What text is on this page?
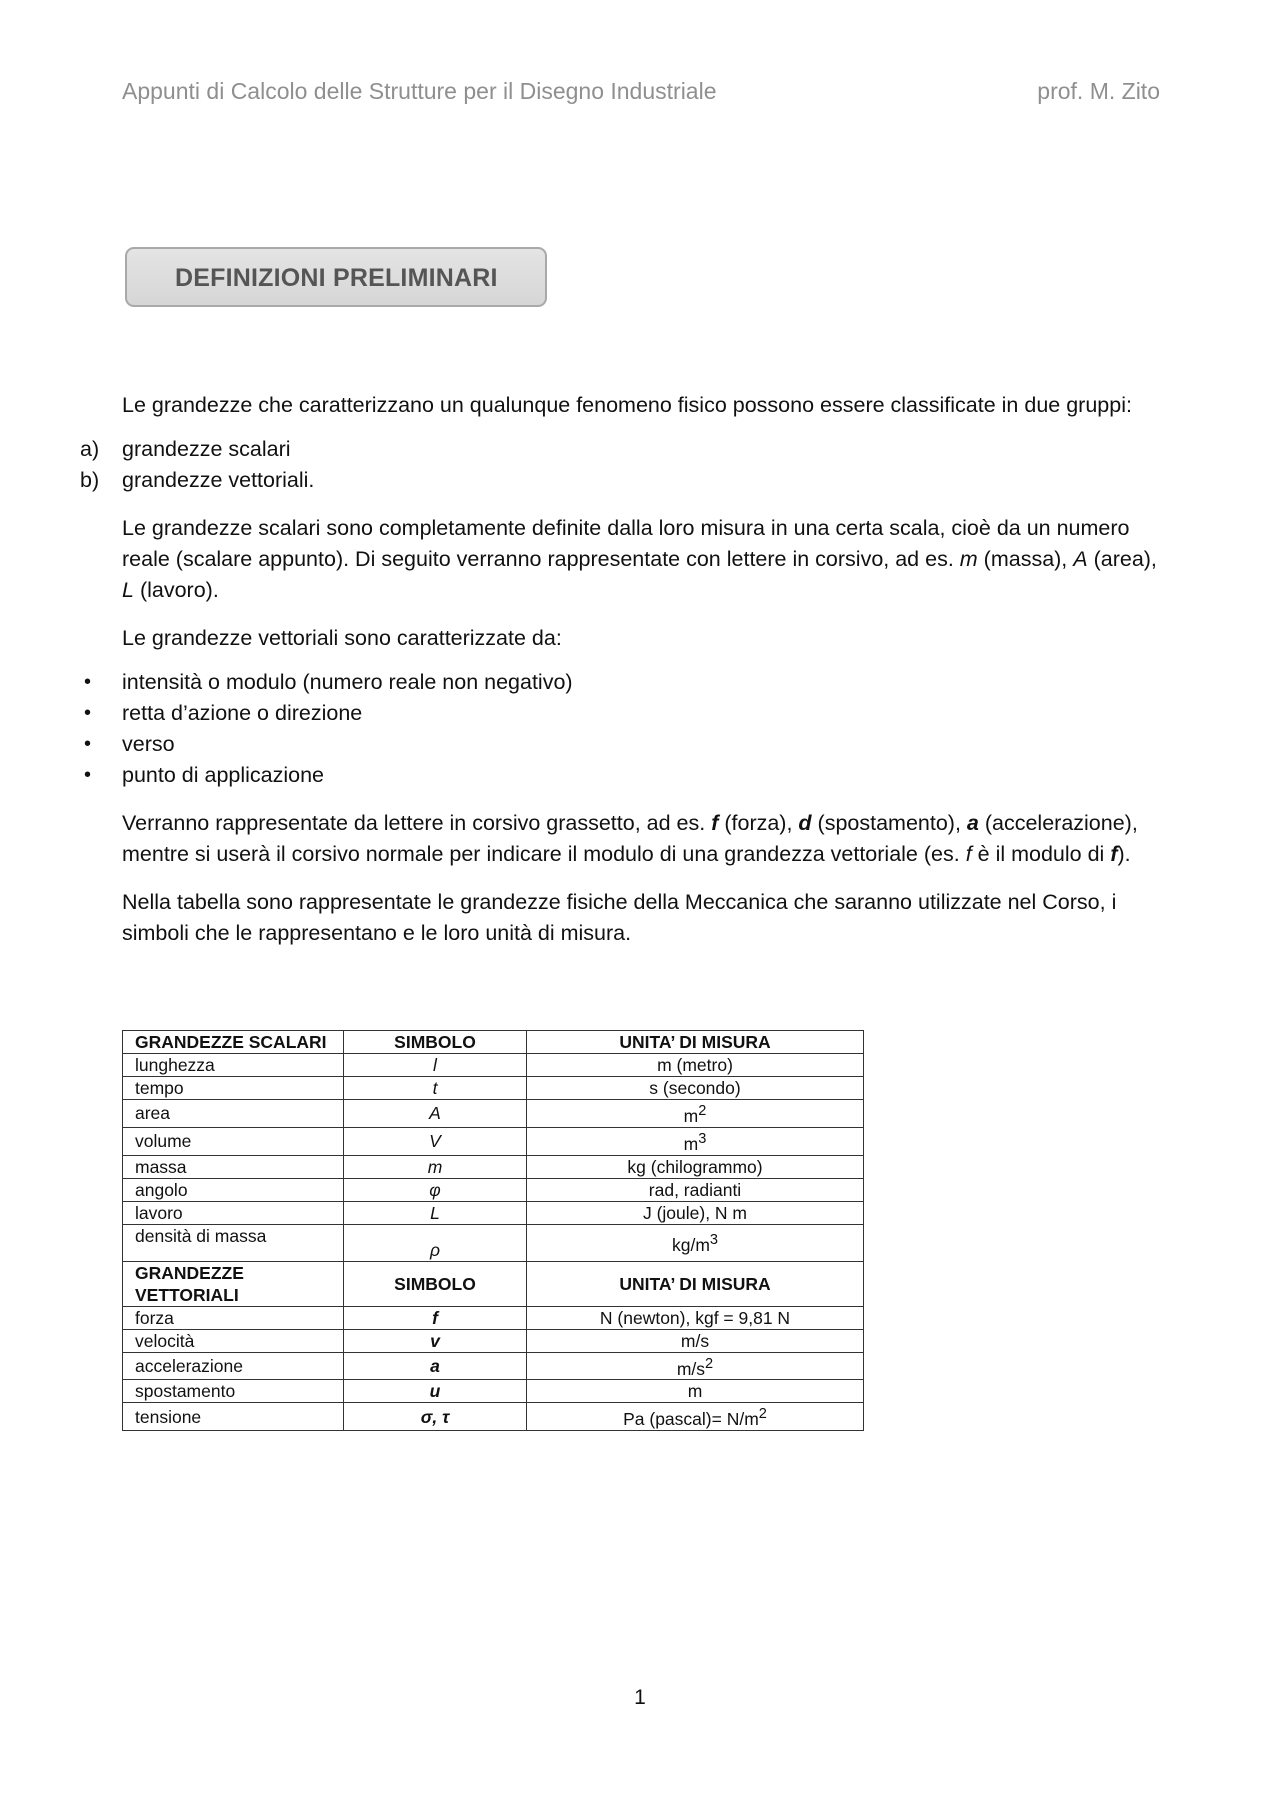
Appunti di Calcolo delle Strutture per il Disegno Industriale	prof. M. Zito
DEFINIZIONI PRELIMINARI

Le grandezze che caratterizzano un qualunque fenomeno fisico possono essere classificate in due gruppi:

a) grandezze scalari
b) grandezze vettoriali.

Le grandezze scalari sono completamente definite dalla loro misura in una certa scala, cioè da un numero reale (scalare appunto). Di seguito verranno rappresentate con lettere in corsivo, ad es. m (massa), A (area), L (lavoro).

Le grandezze vettoriali sono caratterizzate da:

• intensità o modulo (numero reale non negativo)
• retta d’azione o direzione
• verso
• punto di applicazione

Verranno rappresentate da lettere in corsivo grassetto, ad es. f (forza), d (spostamento), a (accelerazione), mentre si userà il corsivo normale per indicare il modulo di una grandezza vettoriale (es. f è il modulo di f).

Nella tabella sono rappresentate le grandezze fisiche della Meccanica che saranno utilizzate nel Corso, i simboli che le rappresentano e le loro unità di misura.

GRANDEZZE SCALARI	SIMBOLO	UNITA’ DI MISURA
lunghezza	l	m (metro)
tempo	t	s (secondo)
area	A	$m^2$
volume	V	$m^3$
massa	m	kg (chilogrammo)
angolo	φ	rad, radianti
lavoro	L	J (joule), N m
densità di massa	ρ	$kg/m^3$
GRANDEZZE VETTORIALI	SIMBOLO	UNITA’ DI MISURA
forza	f	N (newton), kgf = 9,81 N
velocità	v	m/s
accelerazione	a	$m/s^2$
spostamento	u	m
tensione	σ, τ	Pa (pascal)= $N/m^2$
1
